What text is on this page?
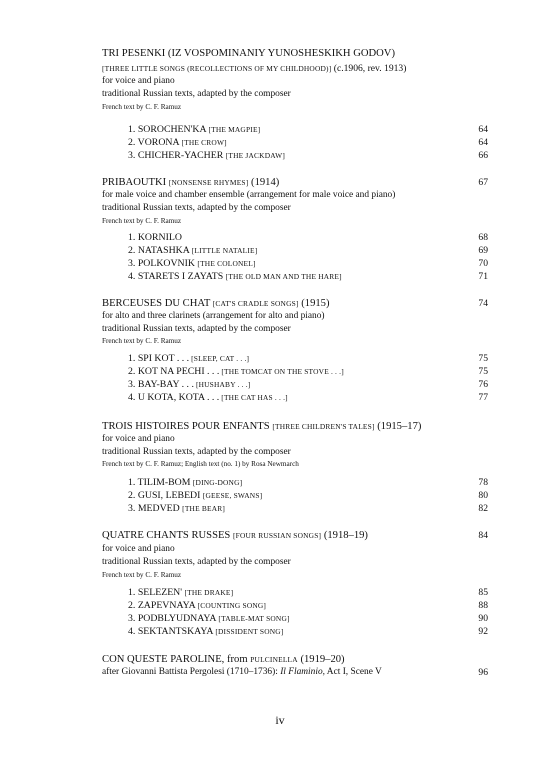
TRI PESENKI (IZ VOSPOMINANIY YUNOSHESKIKH GODOV)
[THREE LITTLE SONGS (RECOLLECTIONS OF MY CHILDHOOD)] (c.1906, rev. 1913)
for voice and piano
traditional Russian texts, adapted by the composer
French text by C. F. Ramuz
1. SOROCHEN'KA [THE MAGPIE]	64
2. VORONA [THE CROW]	64
3. CHICHER-YACHER [THE JACKDAW]	66
PRIBAOUTKI [NONSENSE RHYMES] (1914)	67
for male voice and chamber ensemble (arrangement for male voice and piano)
traditional Russian texts, adapted by the composer
French text by C. F. Ramuz
1. KORNILO	68
2. NATASHKA [LITTLE NATALIE]	69
3. POLKOVNIK [THE COLONEL]	70
4. STARETS I ZAYATS [THE OLD MAN AND THE HARE]	71
BERCEUSES DU CHAT [CAT'S CRADLE SONGS] (1915)	74
for alto and three clarinets (arrangement for alto and piano)
traditional Russian texts, adapted by the composer
French text by C. F. Ramuz
1. SPI KOT . . . [SLEEP, CAT . . .]	75
2. KOT NA PECHI . . . [THE TOMCAT ON THE STOVE . . .]	75
3. BAY-BAY . . . [HUSHABY . . .]	76
4. U KOTA, KOTA . . . [THE CAT HAS . . .]	77
TROIS HISTOIRES POUR ENFANTS [THREE CHILDREN'S TALES] (1915–17)
for voice and piano
traditional Russian texts, adapted by the composer
French text by C. F. Ramuz; English text (no. 1) by Rosa Newmarch
1. TILIM-BOM [DING-DONG]	78
2. GUSI, LEBEDI [GEESE, SWANS]	80
3. MEDVED [THE BEAR]	82
QUATRE CHANTS RUSSES [FOUR RUSSIAN SONGS] (1918–19)	84
for voice and piano
traditional Russian texts, adapted by the composer
French text by C. F. Ramuz
1. SELEZEN' [THE DRAKE]	85
2. ZAPEVNAYA [COUNTING SONG]	88
3. PODBLYUDNAYA [TABLE-MAT SONG]	90
4. SEKTANTSKAYA [DISSIDENT SONG]	92
CON QUESTE PAROLINE, from PULCINELLA (1919–20)
after Giovanni Battista Pergolesi (1710–1736): Il Flaminio, Act I, Scene V	96
iv
